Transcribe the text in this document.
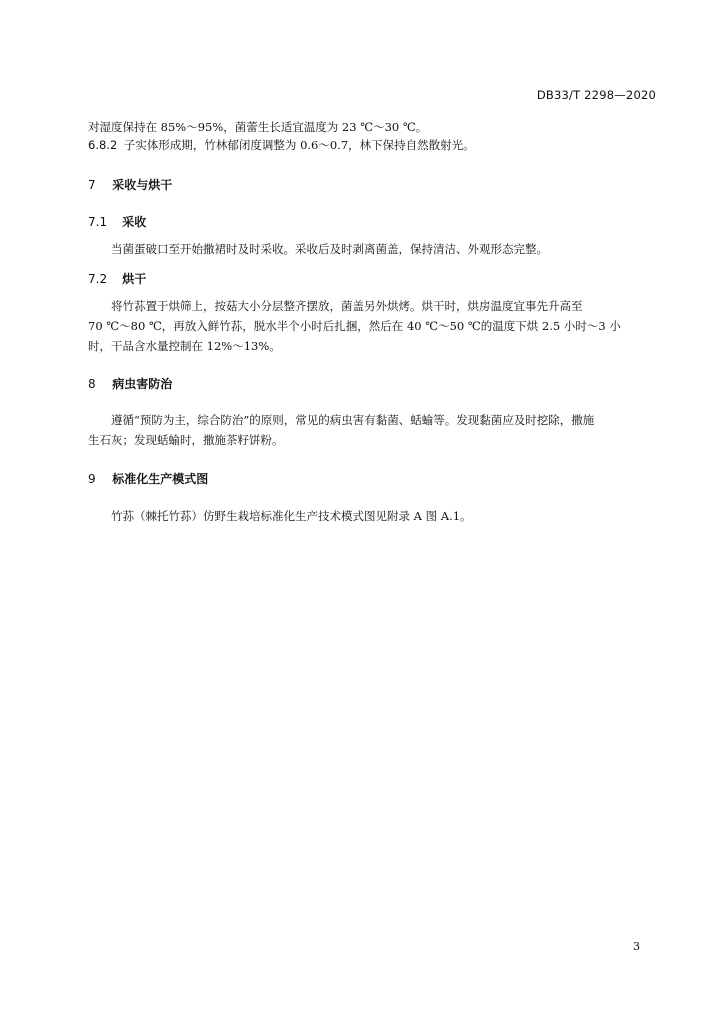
DB33/T 2298—2020
对湿度保持在 85%～95%，菌蕾生长适宜温度为 23 ℃～30 ℃。
6.8.2 子实体形成期，竹林郁闭度调整为 0.6～0.7，林下保持自然散射光。
7 采收与烘干
7.1 采收
当菌蛋破口至开始撒裙时及时采收。采收后及时剥离菌盖，保持清洁、外观形态完整。
7.2 烘干
将竹荪置于烘筛上，按菇大小分层整齐摆放，菌盖另外烘烤。烘干时，烘房温度宜事先升高至
70 ℃～80 ℃，再放入鲜竹荪，脱水半个小时后扎捆，然后在 40 ℃～50 ℃的温度下烘 2.5 小时～3 小
时，干品含水量控制在 12%～13%。
8 病虫害防治
遵循“预防为主，综合防治”的原则，常见的病虫害有黏菌、蛞蝓等。发现黏菌应及时挖除，撒施
生石灰；发现蛞蝓时，撒施茶籽饼粉。
9 标准化生产模式图
竹荪（棘托竹荪）仿野生栽培标准化生产技术模式图见附录 A 图 A.1。
3
